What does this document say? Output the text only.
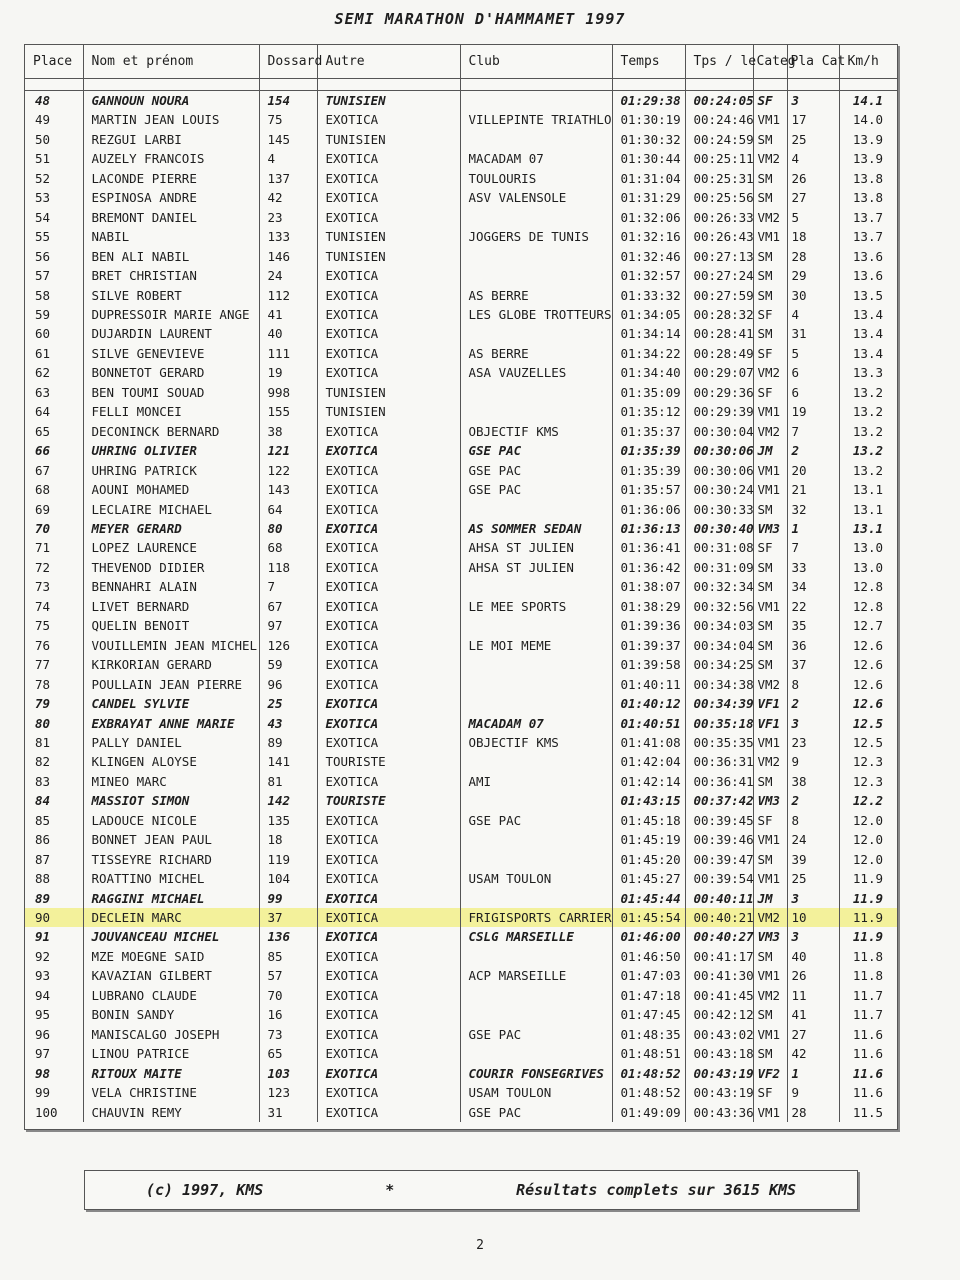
SEMI MARATHON D'HAMMAMET 1997
Place	Nom et prénom	Dossard	Autre	Club	Temps	Tps / le	Categ	Pla Cat	Km/h

48	GANNOUN NOURA	154	TUNISIEN		01:29:38	00:24:05	SF	3	14.1
49	MARTIN JEAN LOUIS	75	EXOTICA	VILLEPINTE TRIATHLO	01:30:19	00:24:46	VM1	17	14.0
50	REZGUI LARBI	145	TUNISIEN		01:30:32	00:24:59	SM	25	13.9
51	AUZELY FRANCOIS	4	EXOTICA	MACADAM 07	01:30:44	00:25:11	VM2	4	13.9
52	LACONDE PIERRE	137	EXOTICA	TOULOURIS	01:31:04	00:25:31	SM	26	13.8
53	ESPINOSA ANDRE	42	EXOTICA	ASV VALENSOLE	01:31:29	00:25:56	SM	27	13.8
54	BREMONT DANIEL	23	EXOTICA		01:32:06	00:26:33	VM2	5	13.7
55	NABIL	133	TUNISIEN	JOGGERS DE TUNIS	01:32:16	00:26:43	VM1	18	13.7
56	BEN ALI NABIL	146	TUNISIEN		01:32:46	00:27:13	SM	28	13.6
57	BRET CHRISTIAN	24	EXOTICA		01:32:57	00:27:24	SM	29	13.6
58	SILVE ROBERT	112	EXOTICA	AS BERRE	01:33:32	00:27:59	SM	30	13.5
59	DUPRESSOIR MARIE ANGE	41	EXOTICA	LES GLOBE TROTTEURS	01:34:05	00:28:32	SF	4	13.4
60	DUJARDIN LAURENT	40	EXOTICA		01:34:14	00:28:41	SM	31	13.4
61	SILVE GENEVIEVE	111	EXOTICA	AS BERRE	01:34:22	00:28:49	SF	5	13.4
62	BONNETOT GERARD	19	EXOTICA	ASA VAUZELLES	01:34:40	00:29:07	VM2	6	13.3
63	BEN TOUMI SOUAD	998	TUNISIEN		01:35:09	00:29:36	SF	6	13.2
64	FELLI MONCEI	155	TUNISIEN		01:35:12	00:29:39	VM1	19	13.2
65	DECONINCK BERNARD	38	EXOTICA	OBJECTIF KMS	01:35:37	00:30:04	VM2	7	13.2
66	UHRING OLIVIER	121	EXOTICA	GSE PAC	01:35:39	00:30:06	JM	2	13.2
67	UHRING PATRICK	122	EXOTICA	GSE PAC	01:35:39	00:30:06	VM1	20	13.2
68	AOUNI MOHAMED	143	EXOTICA	GSE PAC	01:35:57	00:30:24	VM1	21	13.1
69	LECLAIRE MICHAEL	64	EXOTICA		01:36:06	00:30:33	SM	32	13.1
70	MEYER GERARD	80	EXOTICA	AS SOMMER SEDAN	01:36:13	00:30:40	VM3	1	13.1
71	LOPEZ LAURENCE	68	EXOTICA	AHSA ST JULIEN	01:36:41	00:31:08	SF	7	13.0
72	THEVENOD DIDIER	118	EXOTICA	AHSA ST JULIEN	01:36:42	00:31:09	SM	33	13.0
73	BENNAHRI ALAIN	7	EXOTICA		01:38:07	00:32:34	SM	34	12.8
74	LIVET BERNARD	67	EXOTICA	LE MEE SPORTS	01:38:29	00:32:56	VM1	22	12.8
75	QUELIN BENOIT	97	EXOTICA		01:39:36	00:34:03	SM	35	12.7
76	VOUILLEMIN JEAN MICHEL	126	EXOTICA	LE MOI MEME	01:39:37	00:34:04	SM	36	12.6
77	KIRKORIAN GERARD	59	EXOTICA		01:39:58	00:34:25	SM	37	12.6
78	POULLAIN JEAN PIERRE	96	EXOTICA		01:40:11	00:34:38	VM2	8	12.6
79	CANDEL SYLVIE	25	EXOTICA		01:40:12	00:34:39	VF1	2	12.6
80	EXBRAYAT ANNE MARIE	43	EXOTICA	MACADAM 07	01:40:51	00:35:18	VF1	3	12.5
81	PALLY DANIEL	89	EXOTICA	OBJECTIF KMS	01:41:08	00:35:35	VM1	23	12.5
82	KLINGEN ALOYSE	141	TOURISTE		01:42:04	00:36:31	VM2	9	12.3
83	MINEO MARC	81	EXOTICA	AMI	01:42:14	00:36:41	SM	38	12.3
84	MASSIOT SIMON	142	TOURISTE		01:43:15	00:37:42	VM3	2	12.2
85	LADOUCE NICOLE	135	EXOTICA	GSE PAC	01:45:18	00:39:45	SF	8	12.0
86	BONNET JEAN PAUL	18	EXOTICA		01:45:19	00:39:46	VM1	24	12.0
87	TISSEYRE RICHARD	119	EXOTICA		01:45:20	00:39:47	SM	39	12.0
88	ROATTINO MICHEL	104	EXOTICA	USAM TOULON	01:45:27	00:39:54	VM1	25	11.9
89	RAGGINI MICHAEL	99	EXOTICA		01:45:44	00:40:11	JM	3	11.9
90	DECLEIN MARC	37	EXOTICA	FRIGISPORTS CARRIER	01:45:54	00:40:21	VM2	10	11.9
91	JOUVANCEAU MICHEL	136	EXOTICA	CSLG MARSEILLE	01:46:00	00:40:27	VM3	3	11.9
92	MZE MOEGNE SAID	85	EXOTICA		01:46:50	00:41:17	SM	40	11.8
93	KAVAZIAN GILBERT	57	EXOTICA	ACP MARSEILLE	01:47:03	00:41:30	VM1	26	11.8
94	LUBRANO CLAUDE	70	EXOTICA		01:47:18	00:41:45	VM2	11	11.7
95	BONIN SANDY	16	EXOTICA		01:47:45	00:42:12	SM	41	11.7
96	MANISCALGO JOSEPH	73	EXOTICA	GSE PAC	01:48:35	00:43:02	VM1	27	11.6
97	LINOU PATRICE	65	EXOTICA		01:48:51	00:43:18	SM	42	11.6
98	RITOUX MAITE	103	EXOTICA	COURIR FONSEGRIVES	01:48:52	00:43:19	VF2	1	11.6
99	VELA CHRISTINE	123	EXOTICA	USAM TOULON	01:48:52	00:43:19	SF	9	11.6
100	CHAUVIN REMY	31	EXOTICA	GSE PAC	01:49:09	00:43:36	VM1	28	11.5
(c) 1997, KMS	*	Résultats complets sur 3615 KMS
2
